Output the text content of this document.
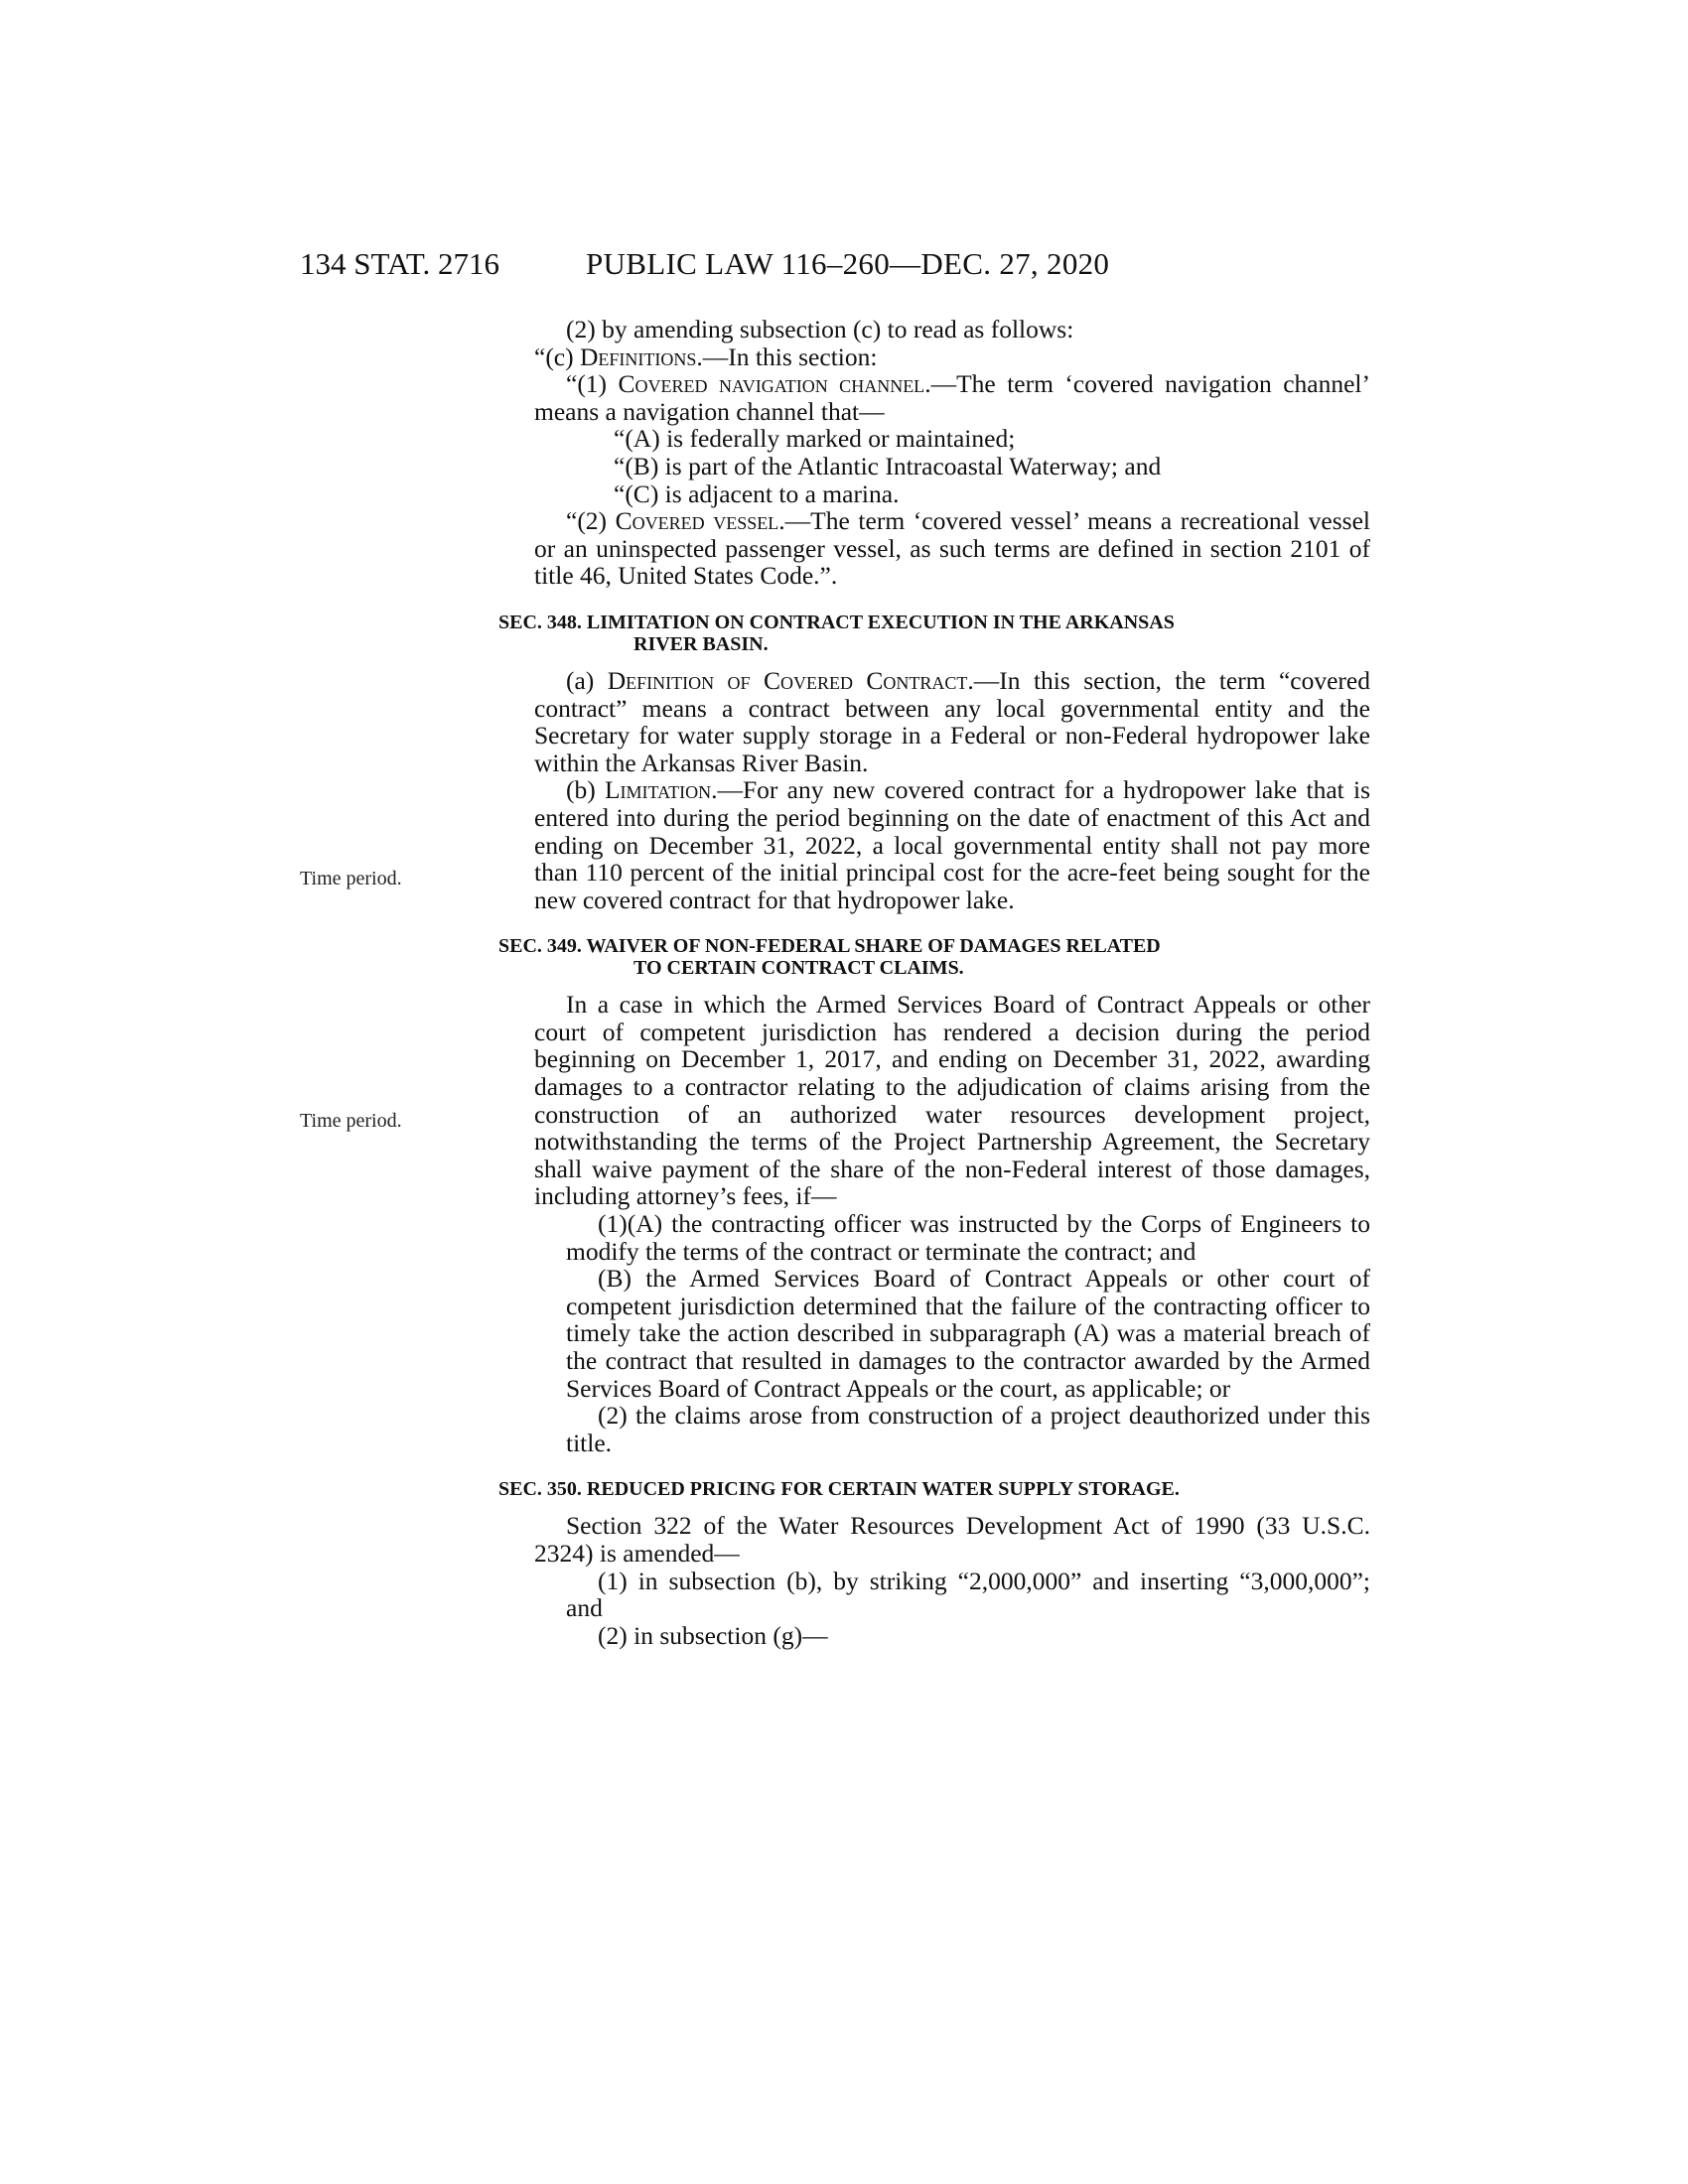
134 STAT. 2716	PUBLIC LAW 116–260—DEC. 27, 2020
Time period.
Time period.

(2) by amending subsection (c) to read as follows:

“(c) Definitions.—In this section:

“(1) Covered navigation channel.—The term ‘covered navigation channel’ means a navigation channel that—

“(A) is federally marked or maintained;

“(B) is part of the Atlantic Intracoastal Waterway; and

“(C) is adjacent to a marina.

“(2) Covered vessel.—The term ‘covered vessel’ means a recreational vessel or an uninspected passenger vessel, as such terms are defined in section 2101 of title 46, United States Code.”.

SEC. 348. LIMITATION ON CONTRACT EXECUTION IN THE ARKANSAS
RIVER BASIN.

(a) Definition of Covered Contract.—In this section, the term “covered contract” means a contract between any local governmental entity and the Secretary for water supply storage in a Federal or non-Federal hydropower lake within the Arkansas River Basin.

(b) Limitation.—For any new covered contract for a hydropower lake that is entered into during the period beginning on the date of enactment of this Act and ending on December 31, 2022, a local governmental entity shall not pay more than 110 percent of the initial principal cost for the acre-feet being sought for the new covered contract for that hydropower lake.

SEC. 349. WAIVER OF NON-FEDERAL SHARE OF DAMAGES RELATED
TO CERTAIN CONTRACT CLAIMS.

In a case in which the Armed Services Board of Contract Appeals or other court of competent jurisdiction has rendered a decision during the period beginning on December 1, 2017, and ending on December 31, 2022, awarding damages to a contractor relating to the adjudication of claims arising from the construction of an authorized water resources development project, notwithstanding the terms of the Project Partnership Agreement, the Secretary shall waive payment of the share of the non-Federal interest of those damages, including attorney’s fees, if—

(1)(A) the contracting officer was instructed by the Corps of Engineers to modify the terms of the contract or terminate the contract; and

(B) the Armed Services Board of Contract Appeals or other court of competent jurisdiction determined that the failure of the contracting officer to timely take the action described in subparagraph (A) was a material breach of the contract that resulted in damages to the contractor awarded by the Armed Services Board of Contract Appeals or the court, as applicable; or

(2) the claims arose from construction of a project deauthorized under this title.

SEC. 350. REDUCED PRICING FOR CERTAIN WATER SUPPLY STORAGE.

Section 322 of the Water Resources Development Act of 1990 (33 U.S.C. 2324) is amended—

(1) in subsection (b), by striking “2,000,000” and inserting “3,000,000”; and

(2) in subsection (g)—
